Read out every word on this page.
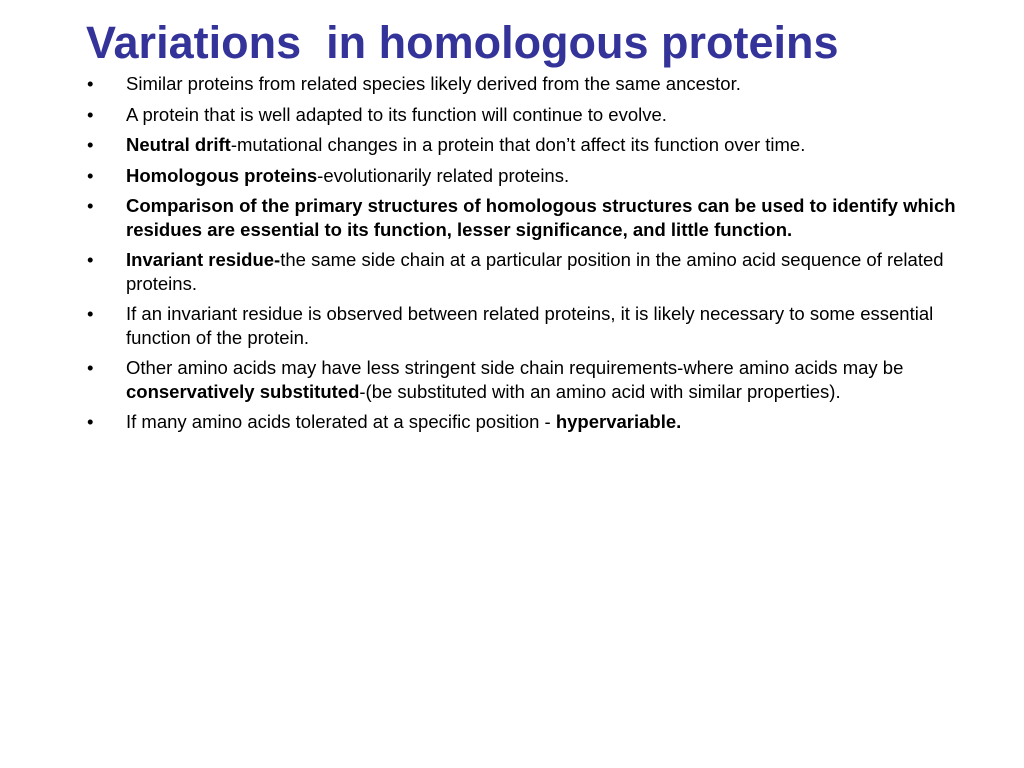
Variations  in homologous proteins
• Similar proteins from related species likely derived from the same ancestor.
• A protein that is well adapted to its function will continue to evolve.
• Neutral drift-mutational changes in a protein that don’t affect its function over time.
• Homologous proteins-evolutionarily related proteins.
• Comparison of the primary structures of homologous structures can be used to identify which residues are essential to its function, lesser significance, and little function.
• Invariant residue-the same side chain at a particular position in the amino acid sequence of related proteins.
• If an invariant residue is observed between related proteins, it is likely necessary to some essential function of the protein.
• Other amino acids may have less stringent side chain requirements-where amino acids may be conservatively substituted-(be substituted with an amino acid with similar properties).
• If many amino acids tolerated at a specific position - hypervariable.
